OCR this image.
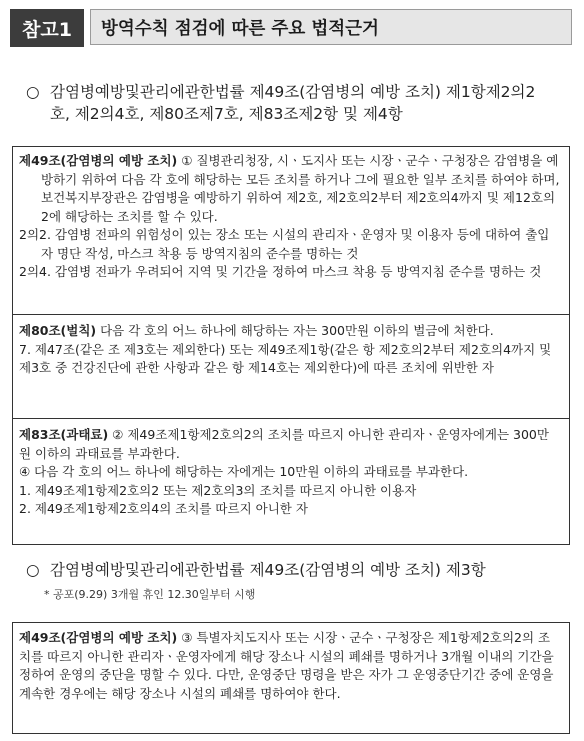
참고1	방역수칙 점검에 따른 주요 법적근거
○ 감염병예방및관리에관한법률 제49조(감염병의 예방 조치) 제1항제2의2
호, 제2의4호, 제80조제7호, 제83조제2항 및 제4항

제49조(감염병의 예방 조치) ① 질병관리청장, 시ㆍ도지사 또는 시장ㆍ군수ㆍ구청장은 감염병을 예방하기 위하여 다음 각 호에 해당하는 모든 조치를 하거나 그에 필요한 일부 조치를 하여야 하며, 보건복지부장관은 감염병을 예방하기 위하여 제2호, 제2호의2부터 제2호의4까지 및 제12호의2에 해당하는 조치를 할 수 있다.

2의2. 감염병 전파의 위험성이 있는 장소 또는 시설의 관리자ㆍ운영자 및 이용자 등에 대하여 출입자 명단 작성, 마스크 착용 등 방역지침의 준수를 명하는 것

2의4. 감염병 전파가 우려되어 지역 및 기간을 정하여 마스크 착용 등 방역지침 준수를 명하는 것

제80조(벌칙) 다음 각 호의 어느 하나에 해당하는 자는 300만원 이하의 벌금에 처한다.

7. 제47조(같은 조 제3호는 제외한다) 또는 제49조제1항(같은 항 제2호의2부터 제2호의4까지 및 제3호 중 건강진단에 관한 사항과 같은 항 제14호는 제외한다)에 따른 조치에 위반한 자

제83조(과태료) ② 제49조제1항제2호의2의 조치를 따르지 아니한 관리자ㆍ운영자에게는 300만원 이하의 과태료를 부과한다.

④ 다음 각 호의 어느 하나에 해당하는 자에게는 10만원 이하의 과태료를 부과한다.

1. 제49조제1항제2호의2 또는 제2호의3의 조치를 따르지 아니한 이용자

2. 제49조제1항제2호의4의 조치를 따르지 아니한 자

○ 감염병예방및관리에관한법률 제49조(감염병의 예방 조치) 제3항
* 공포(9.29) 3개월 휴인 12.30일부터 시행

제49조(감염병의 예방 조치) ③ 특별자치도지사 또는 시장ㆍ군수ㆍ구청장은 제1항제2호의2의 조치를 따르지 아니한 관리자ㆍ운영자에게 해당 장소나 시설의 폐쇄를 명하거나 3개월 이내의 기간을 정하여 운영의 중단을 명할 수 있다. 다만, 운영중단 명령을 받은 자가 그 운영중단기간 중에 운영을 계속한 경우에는 해당 장소나 시설의 폐쇄를 명하여야 한다.
